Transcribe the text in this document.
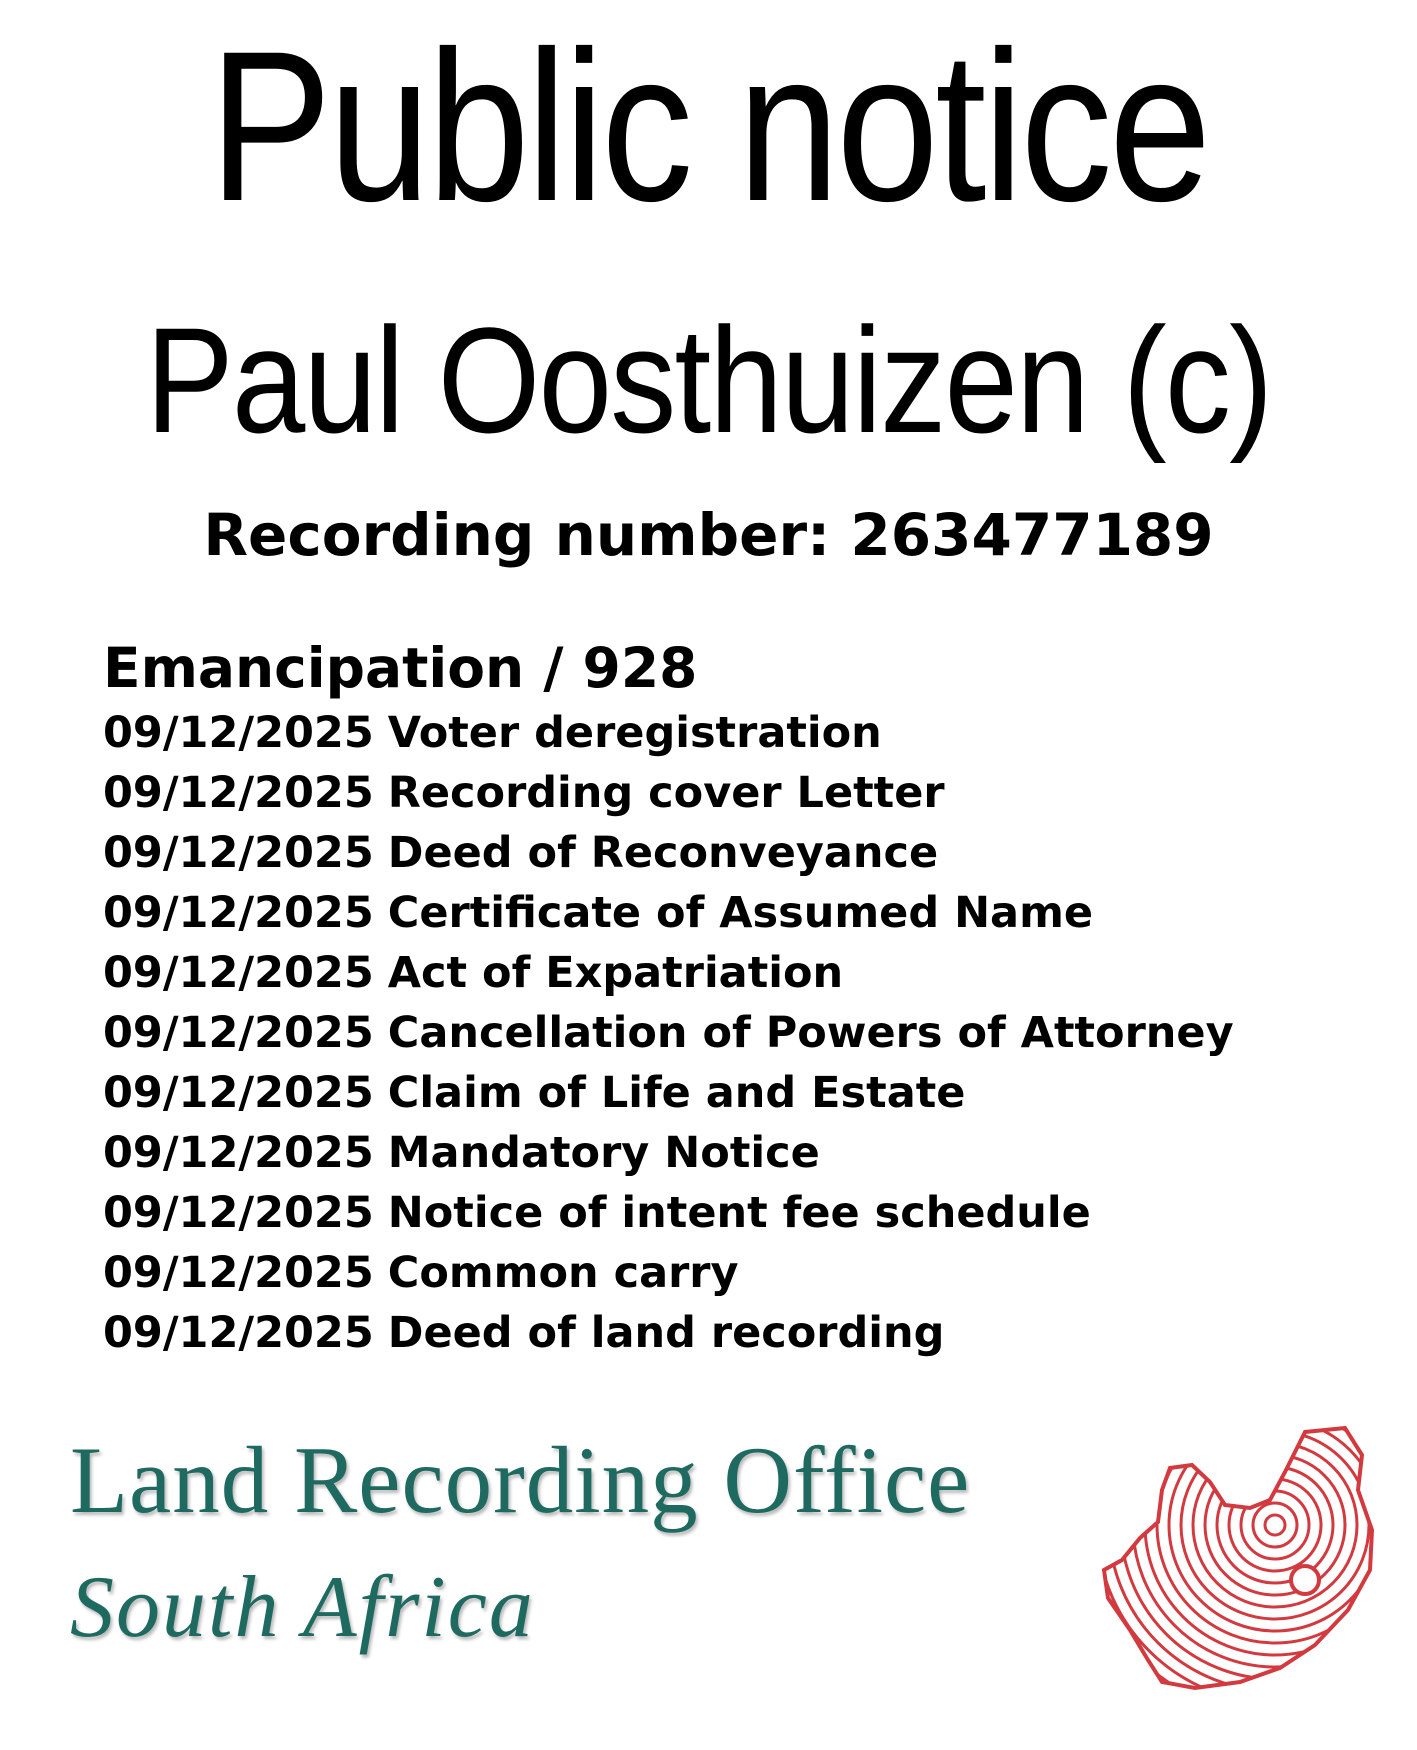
Public notice
Paul Oosthuizen (c)
Recording number: 263477189
Emancipation / 928
09/12/2025 Voter deregistration
09/12/2025 Recording cover Letter
09/12/2025 Deed of Reconveyance
09/12/2025 Certificate of Assumed Name
09/12/2025 Act of Expatriation
09/12/2025 Cancellation of Powers of Attorney
09/12/2025 Claim of Life and Estate
09/12/2025 Mandatory Notice
09/12/2025 Notice of intent fee schedule
09/12/2025 Common carry
09/12/2025 Deed of land recording
Land Recording Office
South Africa
